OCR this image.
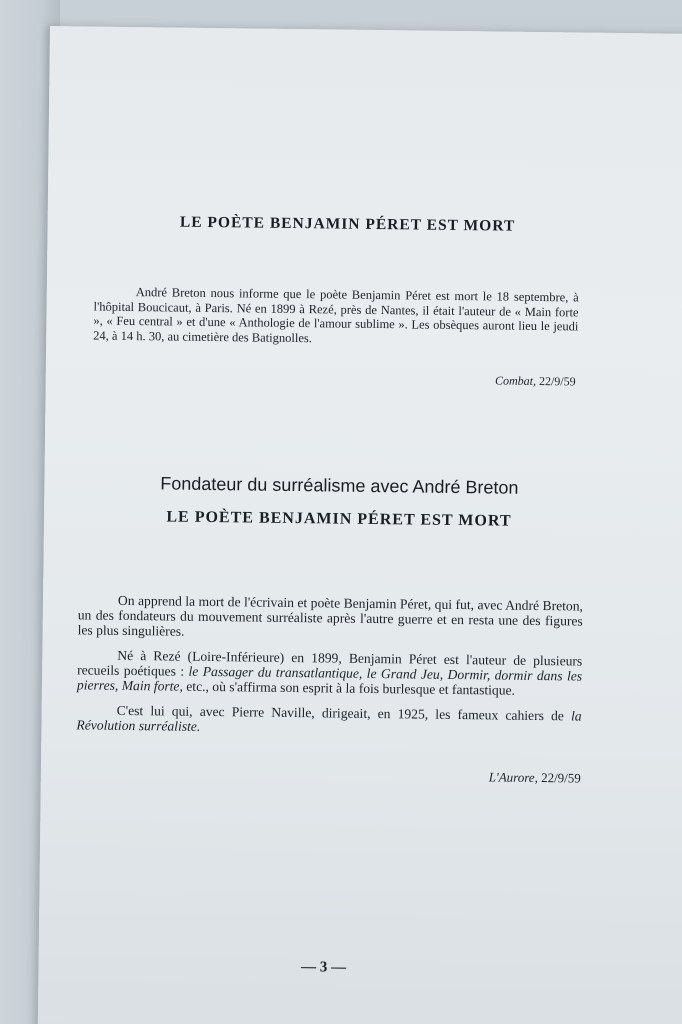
LE POÈTE BENJAMIN PÉRET EST MORT
André Breton nous informe que le poète Benjamin Péret est mort le 18 septembre, à l'hôpital Boucicaut, à Paris. Né en 1899 à Rezé, près de Nantes, il était l'auteur de « Main forte », « Feu central » et d'une « Anthologie de l'amour sublime ». Les obsèques auront lieu le jeudi 24, à 14 h. 30, au cimetière des Batignolles.
Combat, 22/9/59
Fondateur du surréalisme avec André Breton
LE POÈTE BENJAMIN PÉRET EST MORT

On apprend la mort de l'écrivain et poète Benjamin Péret, qui fut, avec André Breton, un des fondateurs du mouvement surréaliste après l'autre guerre et en resta une des figures les plus singulières.

Né à Rezé (Loire-Inférieure) en 1899, Benjamin Péret est l'auteur de plusieurs recueils poétiques : le Passager du transatlantique, le Grand Jeu, Dormir, dormir dans les pierres, Main forte, etc., où s'affirma son esprit à la fois burlesque et fantastique.

C'est lui qui, avec Pierre Naville, dirigeait, en 1925, les fameux cahiers de la Révolution surréaliste.

L'Aurore, 22/9/59
— 3 —
